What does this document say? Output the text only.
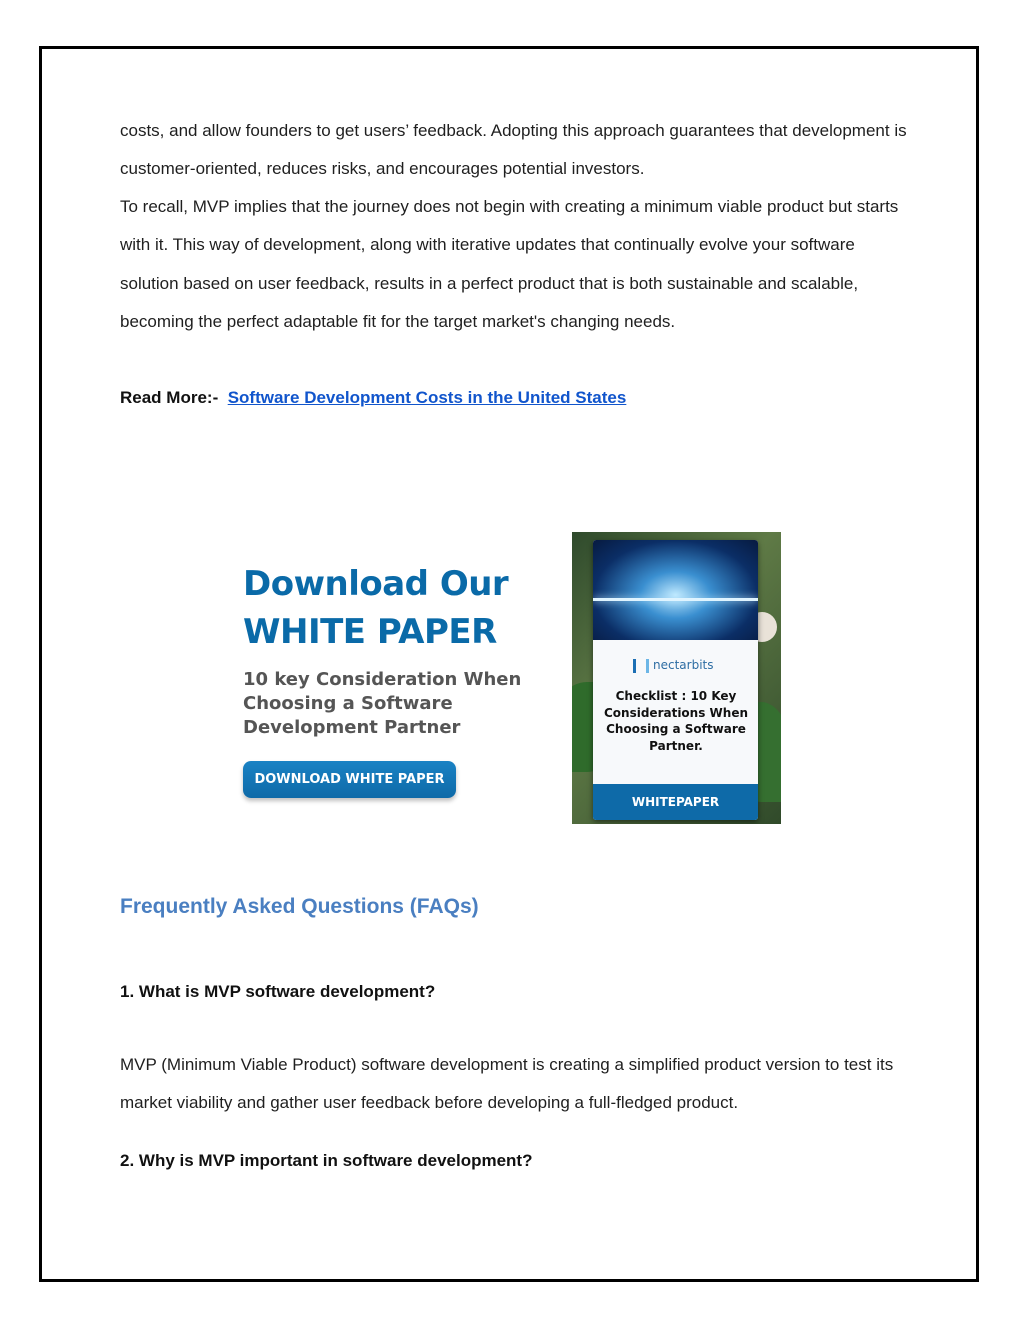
costs, and allow founders to get users’ feedback. Adopting this approach guarantees that development is customer-oriented, reduces risks, and encourages potential investors.

To recall, MVP implies that the journey does not begin with creating a minimum viable product but starts with it. This way of development, along with iterative updates that continually evolve your software solution based on user feedback, results in a perfect product that is both sustainable and scalable, becoming the perfect adaptable fit for the target market's changing needs.

Read More:- Software Development Costs in the United States

Download Our
WHITE PAPER

10 key Consideration When
Choosing a Software
Development Partner

DOWNLOAD WHITE PAPER
nectarbits

Checklist : 10 Key
Considerations When
Choosing a Software
Partner.

WHITEPAPER
Frequently Asked Questions (FAQs)

1. What is MVP software development?

MVP (Minimum Viable Product) software development is creating a simplified product version to test its market viability and gather user feedback before developing a full-fledged product.

2. Why is MVP important in software development?
